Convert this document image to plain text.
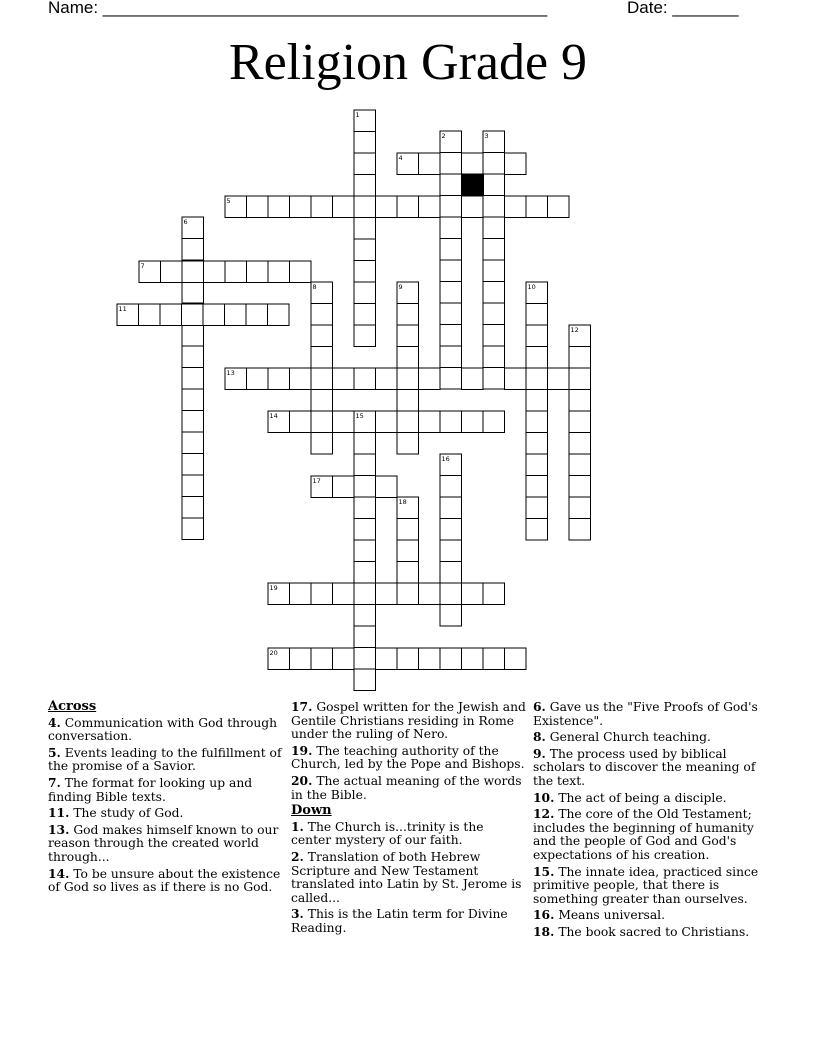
Name: _______________________________________________	Date: _______
Religion Grade 9
1
2	3
4
5
6
7
8	9	10
11
12
13
14	15
16
17
18
19
20
Across
4. Communication with God through conversation.
5. Events leading to the fulfillment of the promise of a Savior.
7. The format for looking up and finding Bible texts.
11. The study of God.
13. God makes himself known to our reason through the created world through...
14. To be unsure about the existence of God so lives as if there is no God.
17. Gospel written for the Jewish and Gentile Christians residing in Rome under the ruling of Nero.
19. The teaching authority of the Church, led by the Pope and Bishops.
20. The actual meaning of the words in the Bible.
Down
1. The Church is...trinity is the center mystery of our faith.
2. Translation of both Hebrew Scripture and New Testament translated into Latin by St. Jerome is called...
3. This is the Latin term for Divine Reading.
6. Gave us the "Five Proofs of God's Existence".
8. General Church teaching.
9. The process used by biblical scholars to discover the meaning of the text.
10. The act of being a disciple.
12. The core of the Old Testament; includes the beginning of humanity and the people of God and God's expectations of his creation.
15. The innate idea, practiced since primitive people, that there is something greater than ourselves.
16. Means universal.
18. The book sacred to Christians.
